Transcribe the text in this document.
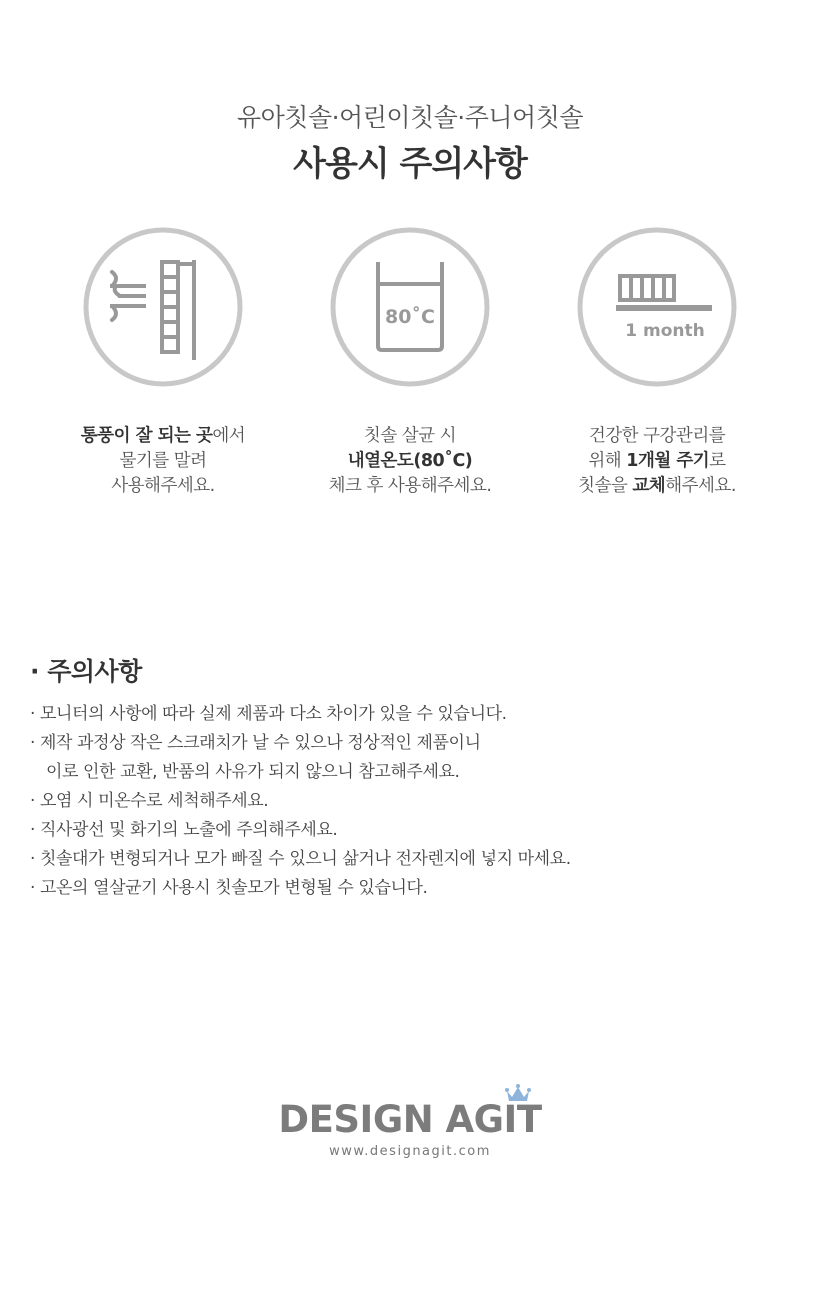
유아칫솔·어린이칫솔·주니어칫솔
사용시 주의사항
80˚C
1 month
통풍이 잘 되는 곳에서
물기를 말려
사용해주세요.
칫솔 살균 시
내열온도(80˚C)
체크 후 사용해주세요.
건강한 구강관리를
위해 1개월 주기로
칫솔을 교체해주세요.
· 주의사항
· 모니터의 사항에 따라 실제 제품과 다소 차이가 있을 수 있습니다.
· 제작 과정상 작은 스크래치가 날 수 있으나 정상적인 제품이니
이로 인한 교환, 반품의 사유가 되지 않으니 참고해주세요.
· 오염 시 미온수로 세척해주세요.
· 직사광선 및 화기의 노출에 주의해주세요.
· 칫솔대가 변형되거나 모가 빠질 수 있으니 삶거나 전자렌지에 넣지 마세요.
· 고온의 열살균기 사용시 칫솔모가 변형될 수 있습니다.
DESIGN AGIT
www.designagit.com
